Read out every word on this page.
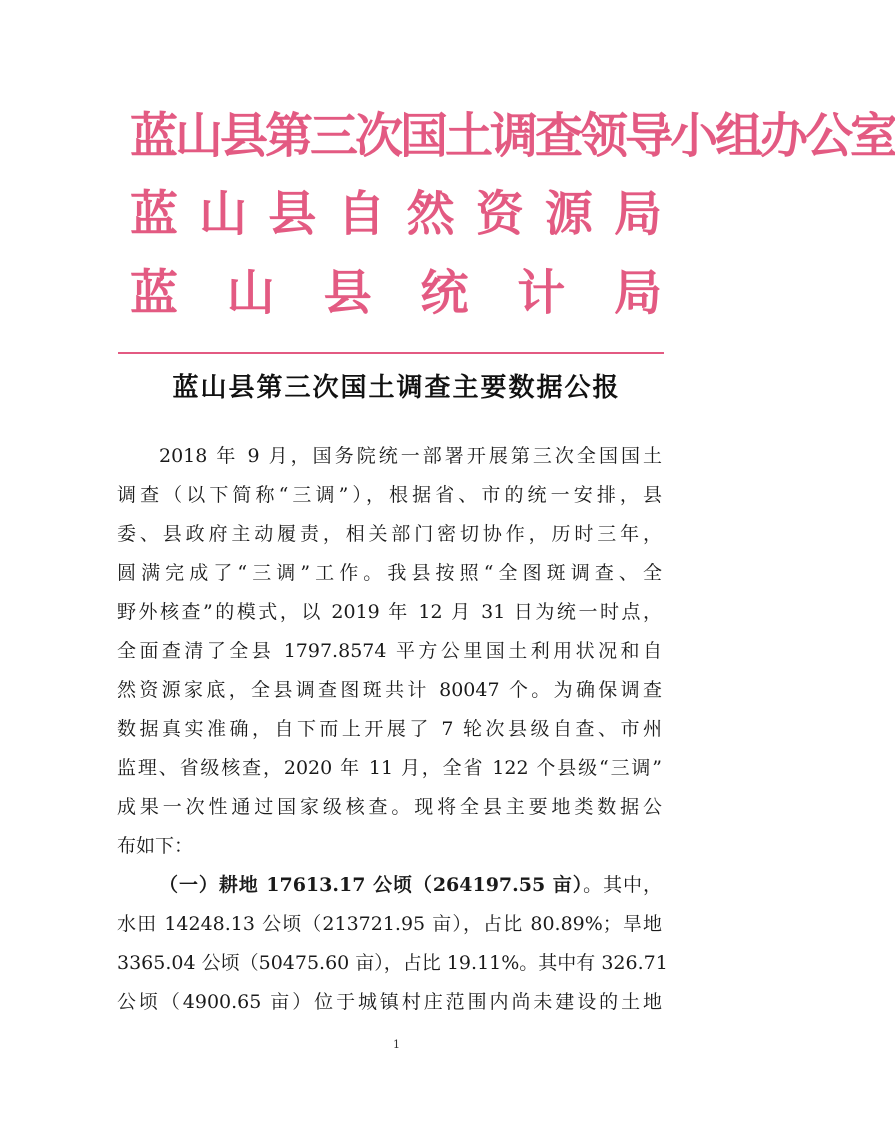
蓝山县第三次国土调查领导小组办公室
蓝 山 县 自 然 资 源 局
蓝 山 县 统 计 局
蓝山县第三次国土调查主要数据公报
2018 年 9 月，国务院统一部署开展第三次全国国土
调查（以下简称“三调”），根据省、市的统一安排，县
委、县政府主动履责，相关部门密切协作，历时三年，
圆满完成了“三调”工作。我县按照“全图斑调查、全
野外核查”的模式，以 2019 年 12 月 31 日为统一时点，
全面查清了全县 1797.8574 平方公里国土利用状况和自
然资源家底，全县调查图斑共计 80047 个。为确保调查
数据真实准确，自下而上开展了 7 轮次县级自查、市州
监理、省级核查，2020 年 11 月，全省 122 个县级“三调”
成果一次性通过国家级核查。现将全县主要地类数据公
布如下：
（一）耕地 17613.17 公顷（264197.55 亩）。其中，
水田 14248.13 公顷（213721.95 亩），占比 80.89%；旱地
3365.04 公顷（50475.60 亩），占比 19.11%。其中有 326.71
公顷（4900.65 亩）位于城镇村庄范围内尚未建设的土地
1
